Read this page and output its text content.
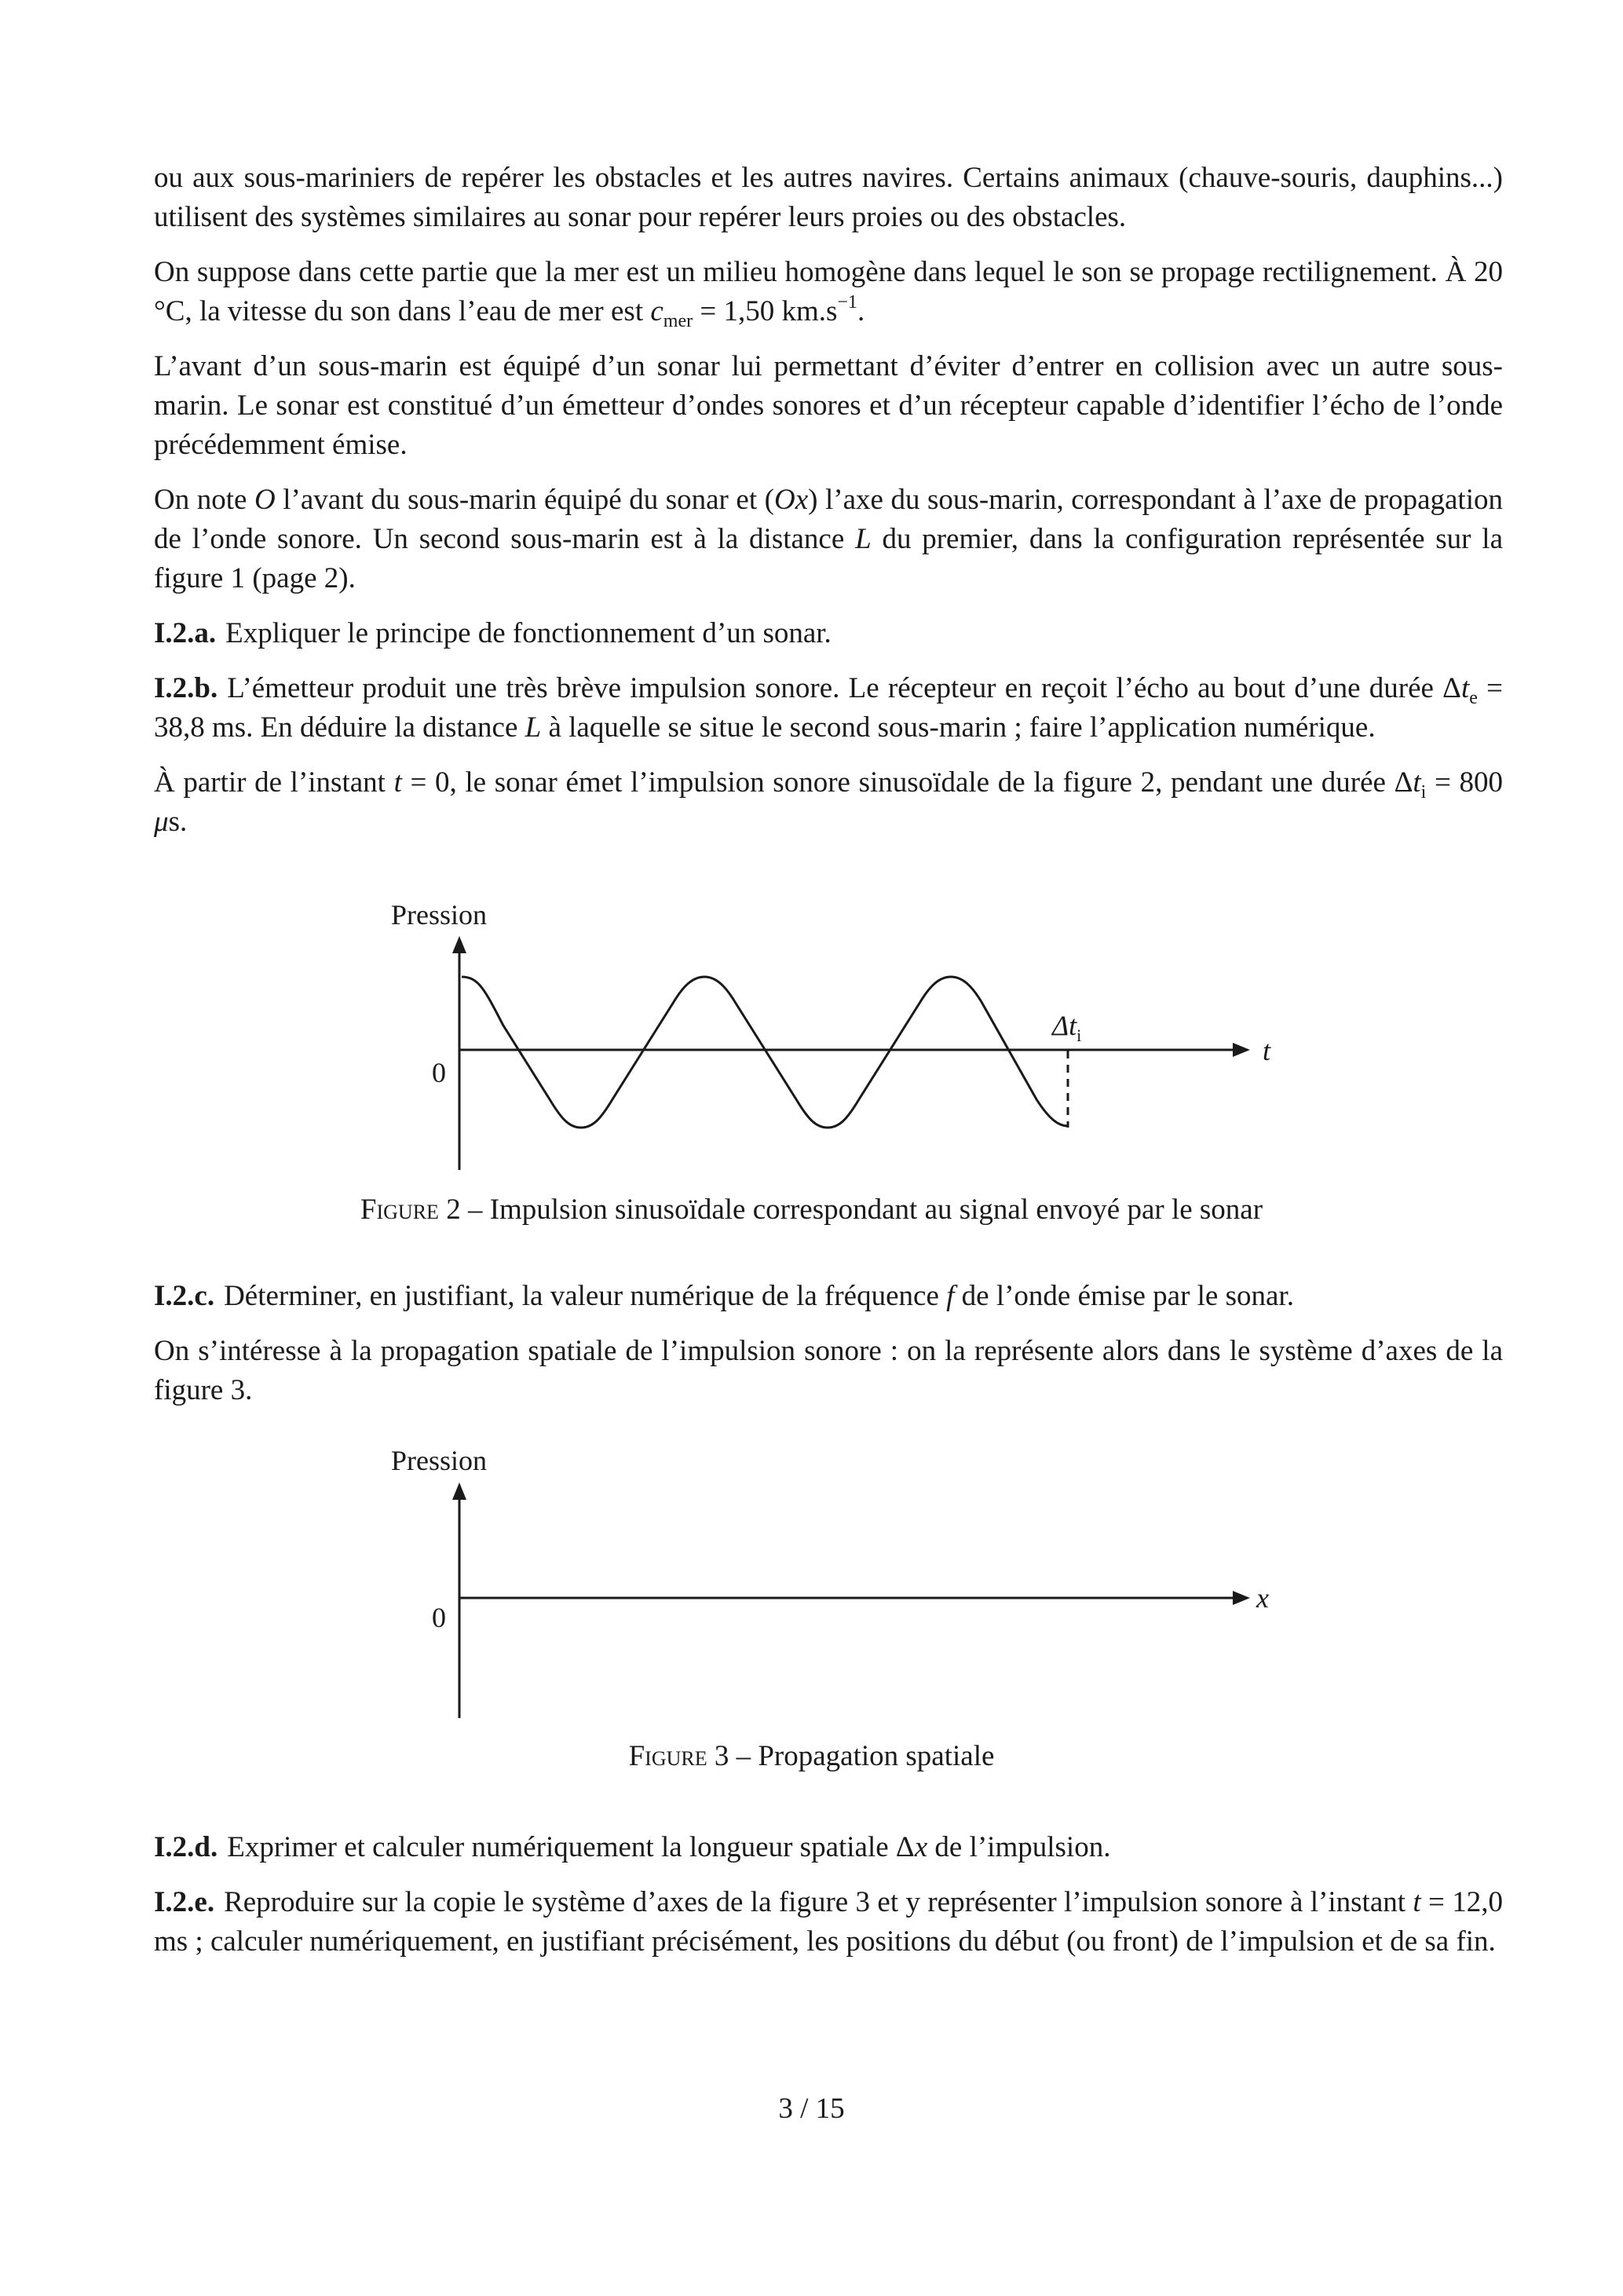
ou aux sous-mariniers de repérer les obstacles et les autres navires. Certains animaux (chauve-souris, dauphins...) utilisent des systèmes similaires au sonar pour repérer leurs proies ou des obstacles.

On suppose dans cette partie que la mer est un milieu homogène dans lequel le son se propage rectilignement. À 20 °C, la vitesse du son dans l’eau de mer est $c_{mer} = 1,50$ $km.s^{-1}$.

L’avant d’un sous-marin est équipé d’un sonar lui permettant d’éviter d’entrer en collision avec un autre sous-marin. Le sonar est constitué d’un émetteur d’ondes sonores et d’un récepteur capable d’identifier l’écho de l’onde précédemment émise.

On note O l’avant du sous-marin équipé du sonar et (Ox) l’axe du sous-marin, correspondant à l’axe de propagation de l’onde sonore. Un second sous-marin est à la distance L du premier, dans la configuration représentée sur la figure 1 (page 2).

I.2.a. Expliquer le principe de fonctionnement d’un sonar.

I.2.b. L’émetteur produit une très brève impulsion sonore. Le récepteur en reçoit l’écho au bout d’une durée $\Delta t_e = 38,8$ ms. En déduire la distance L à laquelle se situe le second sous-marin ; faire l’application numérique.

À partir de l’instant t = 0, le sonar émet l’impulsion sonore sinusoïdale de la figure 2, pendant une durée $\Delta t_i = 800$ μs.

Pression
t
0
$\Delta t_i$
Figure 2 – Impulsion sinusoïdale correspondant au signal envoyé par le sonar

I.2.c. Déterminer, en justifiant, la valeur numérique de la fréquence f de l’onde émise par le sonar.

On s’intéresse à la propagation spatiale de l’impulsion sonore : on la représente alors dans le système d’axes de la figure 3.

Pression
x
0
Figure 3 – Propagation spatiale

I.2.d. Exprimer et calculer numériquement la longueur spatiale Δx de l’impulsion.

I.2.e. Reproduire sur la copie le système d’axes de la figure 3 et y représenter l’impulsion sonore à l’instant t = 12,0 ms ; calculer numériquement, en justifiant précisément, les positions du début (ou front) de l’impulsion et de sa fin.

3 / 15
